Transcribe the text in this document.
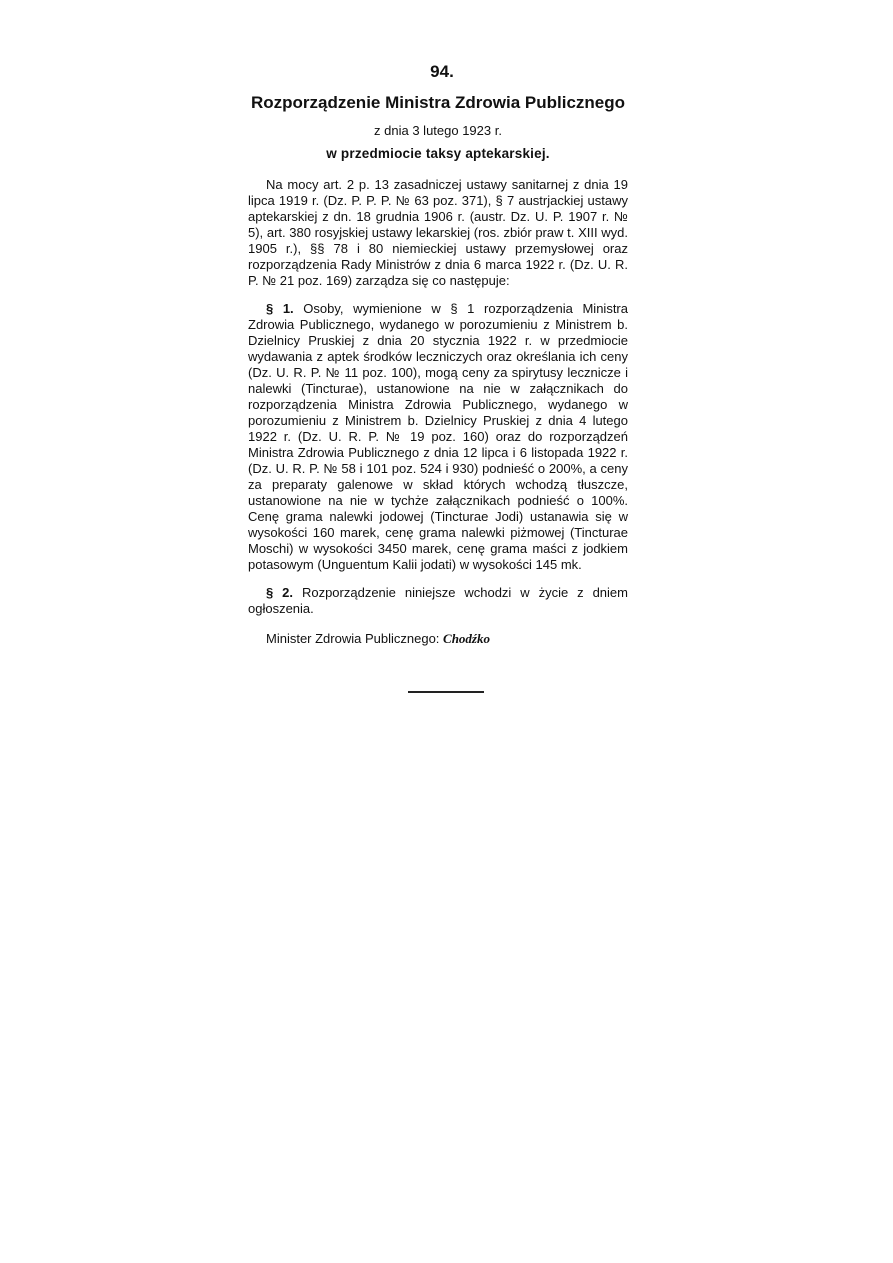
94.
Rozporządzenie Ministra Zdrowia Publicznego
z dnia 3 lutego 1923 r.
w przedmiocie taksy aptekarskiej.

Na mocy art. 2 p. 13 zasadniczej ustawy sanitarnej z dnia 19 lipca 1919 r. (Dz. P. P. P. № 63 poz. 371), § 7 austrjackiej ustawy aptekarskiej z dn. 18 grudnia 1906 r. (austr. Dz. U. P. 1907 r. № 5), art. 380 rosyjskiej ustawy lekarskiej (ros. zbiór praw t. XIII wyd. 1905 r.), §§ 78 i 80 niemieckiej ustawy przemysłowej oraz rozporządzenia Rady Ministrów z dnia 6 marca 1922 r. (Dz. U. R. P. № 21 poz. 169) zarządza się co następuje:

§ 1. Osoby, wymienione w § 1 rozporządzenia Ministra Zdrowia Publicznego, wydanego w porozumieniu z Ministrem b. Dzielnicy Pruskiej z dnia 20 stycznia 1922 r. w przedmiocie wydawania z aptek środków leczniczych oraz określania ich ceny (Dz. U. R. P. № 11 poz. 100), mogą ceny za spirytusy lecznicze i nalewki (Tincturae), ustanowione na nie w załącznikach do rozporządzenia Ministra Zdrowia Publicznego, wydanego w porozumieniu z Ministrem b. Dzielnicy Pruskiej z dnia 4 lutego 1922 r. (Dz. U. R. P. № 19 poz. 160) oraz do rozporządzeń Ministra Zdrowia Publicznego z dnia 12 lipca i 6 listopada 1922 r. (Dz. U. R. P. № 58 i 101 poz. 524 i 930) podnieść o 200%, a ceny za preparaty galenowe w skład których wchodzą tłuszcze, ustanowione na nie w tychże załącznikach podnieść o 100%. Cenę grama nalewki jodowej (Tincturae Jodi) ustanawia się w wysokości 160 marek, cenę grama nalewki piżmowej (Tincturae Moschi) w wysokości 3450 marek, cenę grama maści z jodkiem potasowym (Unguentum Kalii jodati) w wysokości 145 mk.

§ 2. Rozporządzenie niniejsze wchodzi w życie z dniem ogłoszenia.

Minister Zdrowia Publicznego: Chodźko
